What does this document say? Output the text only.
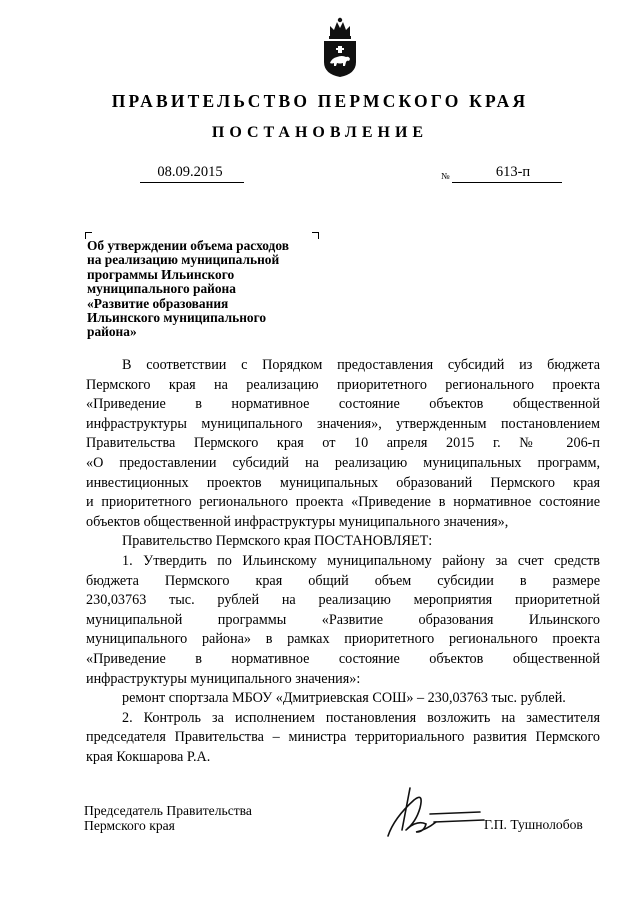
ПРАВИТЕЛЬСТВО ПЕРМСКОГО КРАЯ
ПОСТАНОВЛЕНИЕ
08.09.2015	№	613-п
Об утверждении объема расходов
на реализацию муниципальной
программы Ильинского
муниципального района
«Развитие образования
Ильинского муниципального
района»

В соответствии с Порядком предоставления субсидий из бюджета

Пермского края на реализацию приоритетного регионального проекта

«Приведение в нормативное состояние объектов общественной

инфраструктуры муниципального значения», утвержденным постановлением

Правительства Пермского края от 10 апреля 2015 г. № 206-п

«О предоставлении субсидий на реализацию муниципальных программ,

инвестиционных проектов муниципальных образований Пермского края

и приоритетного регионального проекта «Приведение в нормативное состояние

объектов общественной инфраструктуры муниципального значения»,

Правительство Пермского края ПОСТАНОВЛЯЕТ:

1. Утвердить по Ильинскому муниципальному району за счет средств

бюджета Пермского края общий объем субсидии в размере

230,03763 тыс. рублей на реализацию мероприятия приоритетной

муниципальной программы «Развитие образования Ильинского

муниципального района» в рамках приоритетного регионального проекта

«Приведение в нормативное состояние объектов общественной

инфраструктуры муниципального значения»:

ремонт спортзала МБОУ «Дмитриевская СОШ» – 230,03763 тыс. рублей.

2. Контроль за исполнением постановления возложить на заместителя

председателя Правительства – министра территориального развития Пермского

края Кокшарова Р.А.

Председатель Правительства
Пермского края	Г.П. Тушнолобов
